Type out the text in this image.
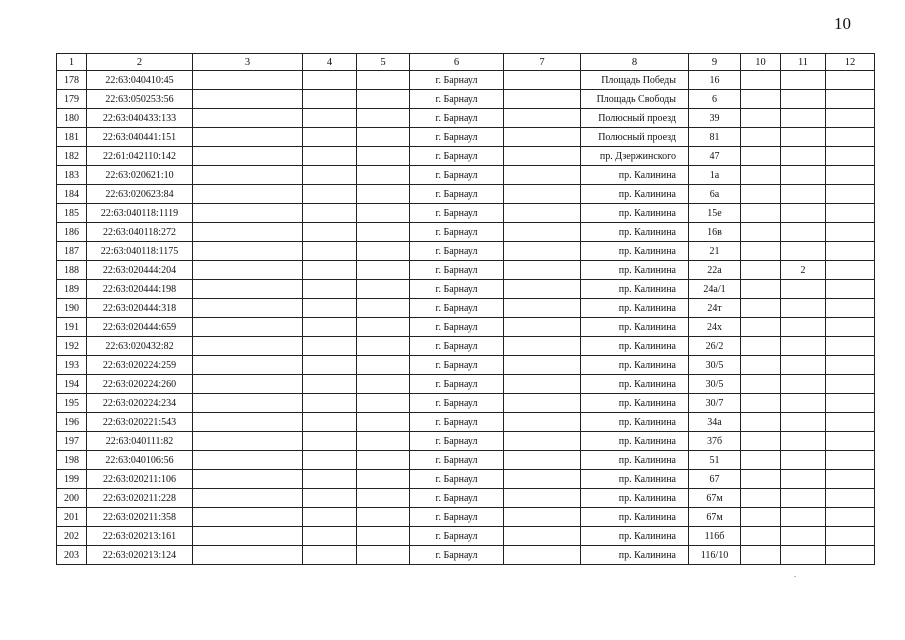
10
1	2	3	4	5	6	7	8	9	10	11	12
178	22:63:040410:45				г. Барнаул		Площадь Победы	16			
179	22:63:050253:56				г. Барнаул		Площадь Свободы	6			
180	22:63:040433:133				г. Барнаул		Полюсный проезд	39			
181	22:63:040441:151				г. Барнаул		Полюсный проезд	81			
182	22:61:042110:142				г. Барнаул		пр. Дзержинского	47			
183	22:63:020621:10				г. Барнаул		пр. Калинина	1а			
184	22:63:020623:84				г. Барнаул		пр. Калинина	6а			
185	22:63:040118:1119				г. Барнаул		пр. Калинина	15е			
186	22:63:040118:272				г. Барнаул		пр. Калинина	16в			
187	22:63:040118:1175				г. Барнаул		пр. Калинина	21			
188	22:63:020444:204				г. Барнаул		пр. Калинина	22а		2	
189	22:63:020444:198				г. Барнаул		пр. Калинина	24а/1			
190	22:63:020444:318				г. Барнаул		пр. Калинина	24т			
191	22:63:020444:659				г. Барнаул		пр. Калинина	24х			
192	22:63:020432:82				г. Барнаул		пр. Калинина	26/2			
193	22:63:020224:259				г. Барнаул		пр. Калинина	30/5			
194	22:63:020224:260				г. Барнаул		пр. Калинина	30/5			
195	22:63:020224:234				г. Барнаул		пр. Калинина	30/7			
196	22:63:020221:543				г. Барнаул		пр. Калинина	34а			
197	22:63:040111:82				г. Барнаул		пр. Калинина	37б			
198	22:63:040106:56				г. Барнаул		пр. Калинина	51			
199	22:63:020211:106				г. Барнаул		пр. Калинина	67			
200	22:63:020211:228				г. Барнаул		пр. Калинина	67м			
201	22:63:020211:358				г. Барнаул		пр. Калинина	67м			
202	22:63:020213:161				г. Барнаул		пр. Калинина	116б			
203	22:63:020213:124				г. Барнаул		пр. Калинина	116/10			
